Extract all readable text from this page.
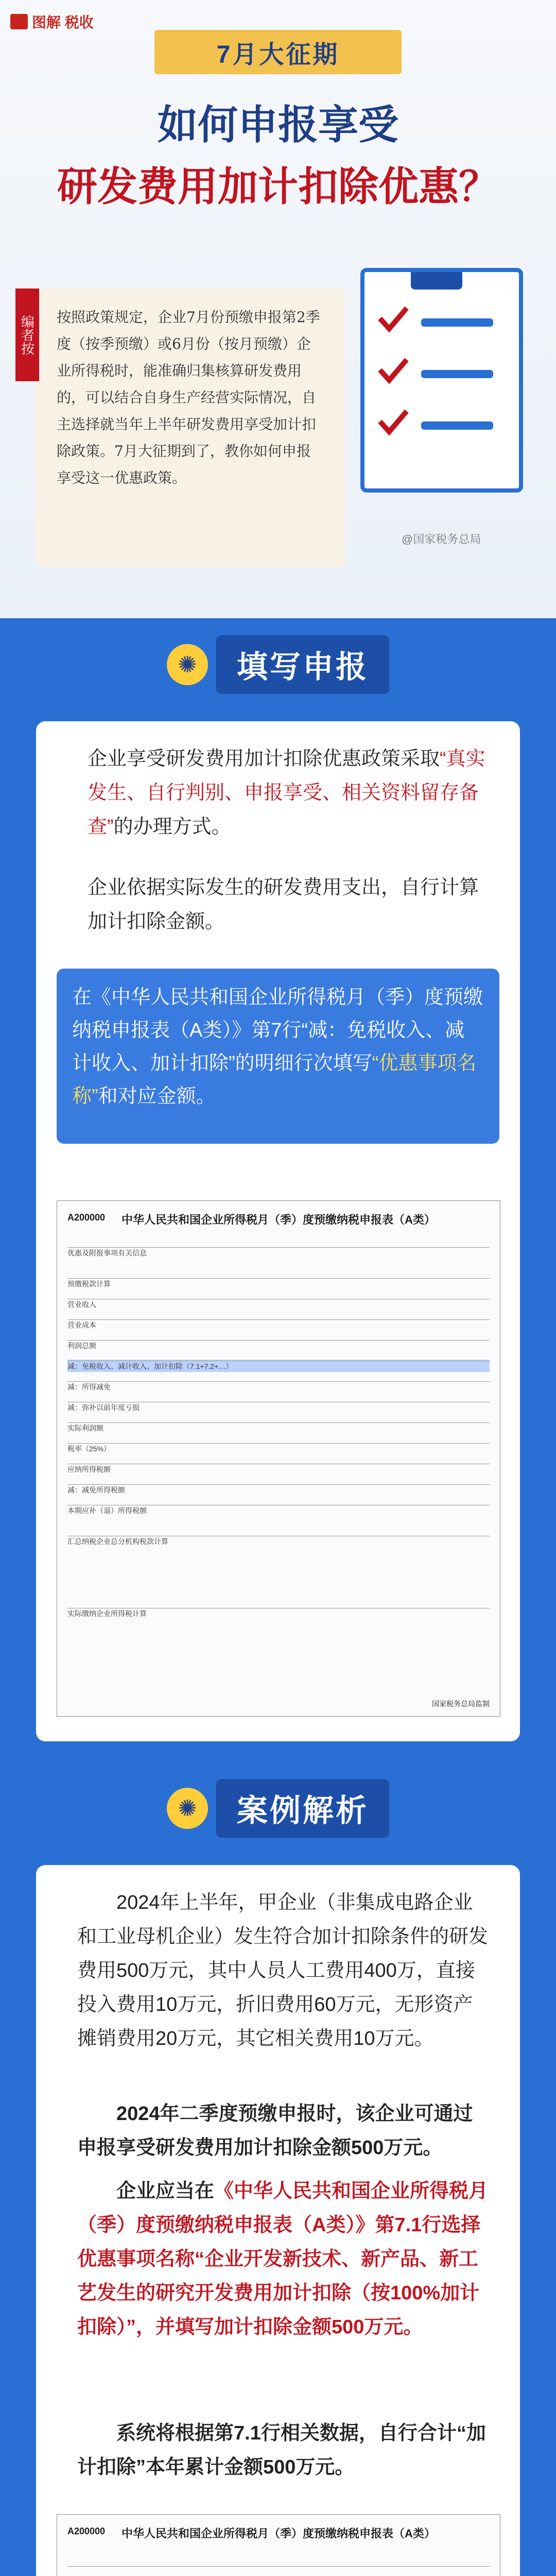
图解 税收
7月大征期
如何申报享受
研发费用加计扣除优惠？
编者按	按照政策规定，企业7月份预缴申报第2季度（按季预缴）或6月份（按月预缴）企业所得税时，能准确归集核算研发费用的，可以结合自身生产经营实际情况，自主选择就当年上半年研发费用享受加计扣除政策。7月大征期到了，教你如何申报享受这一优惠政策。
@国家税务总局
✺	填写申报
企业享受研发费用加计扣除优惠政策采取“真实发生、自行判别、申报享受、相关资料留存备查”的办理方式。
企业依据实际发生的研发费用支出，自行计算加计扣除金额。
在《中华人民共和国企业所得税月（季）度预缴纳税申报表（A类）》第7行“减：免税收入、减计收入、加计扣除”的明细行次填写“优惠事项名称”和对应金额。
A200000	中华人民共和国企业所得税月（季）度预缴纳税申报表（A类）
优惠及附报事项有关信息
预缴税款计算
营业收入
营业成本
利润总额
减：免税收入、减计收入、加计扣除（7.1+7.2+…）
减：所得减免
减：弥补以前年度亏损
实际利润额
税率（25%）
应纳所得税额
减：减免所得税额
本期应补（退）所得税额
汇总纳税企业总分机构税款计算
实际缴纳企业所得税计算
国家税务总局监制
✺	案例解析
2024年上半年，甲企业（非集成电路企业和工业母机企业）发生符合加计扣除条件的研发费用500万元，其中人员人工费用400万，直接投入费用10万元，折旧费用60万元，无形资产摊销费用20万元，其它相关费用10万元。
2024年二季度预缴申报时，该企业可通过申报享受研发费用加计扣除金额500万元。
企业应当在《中华人民共和国企业所得税月（季）度预缴纳税申报表（A类）》第7.1行选择优惠事项名称“企业开发新技术、新产品、新工艺发生的研究开发费用加计扣除（按100%加计扣除）”，并填写加计扣除金额500万元。
系统将根据第7.1行相关数据，自行合计“加计扣除”本年累计金额500万元。
A200000	中华人民共和国企业所得税月（季）度预缴纳税申报表（A类）
